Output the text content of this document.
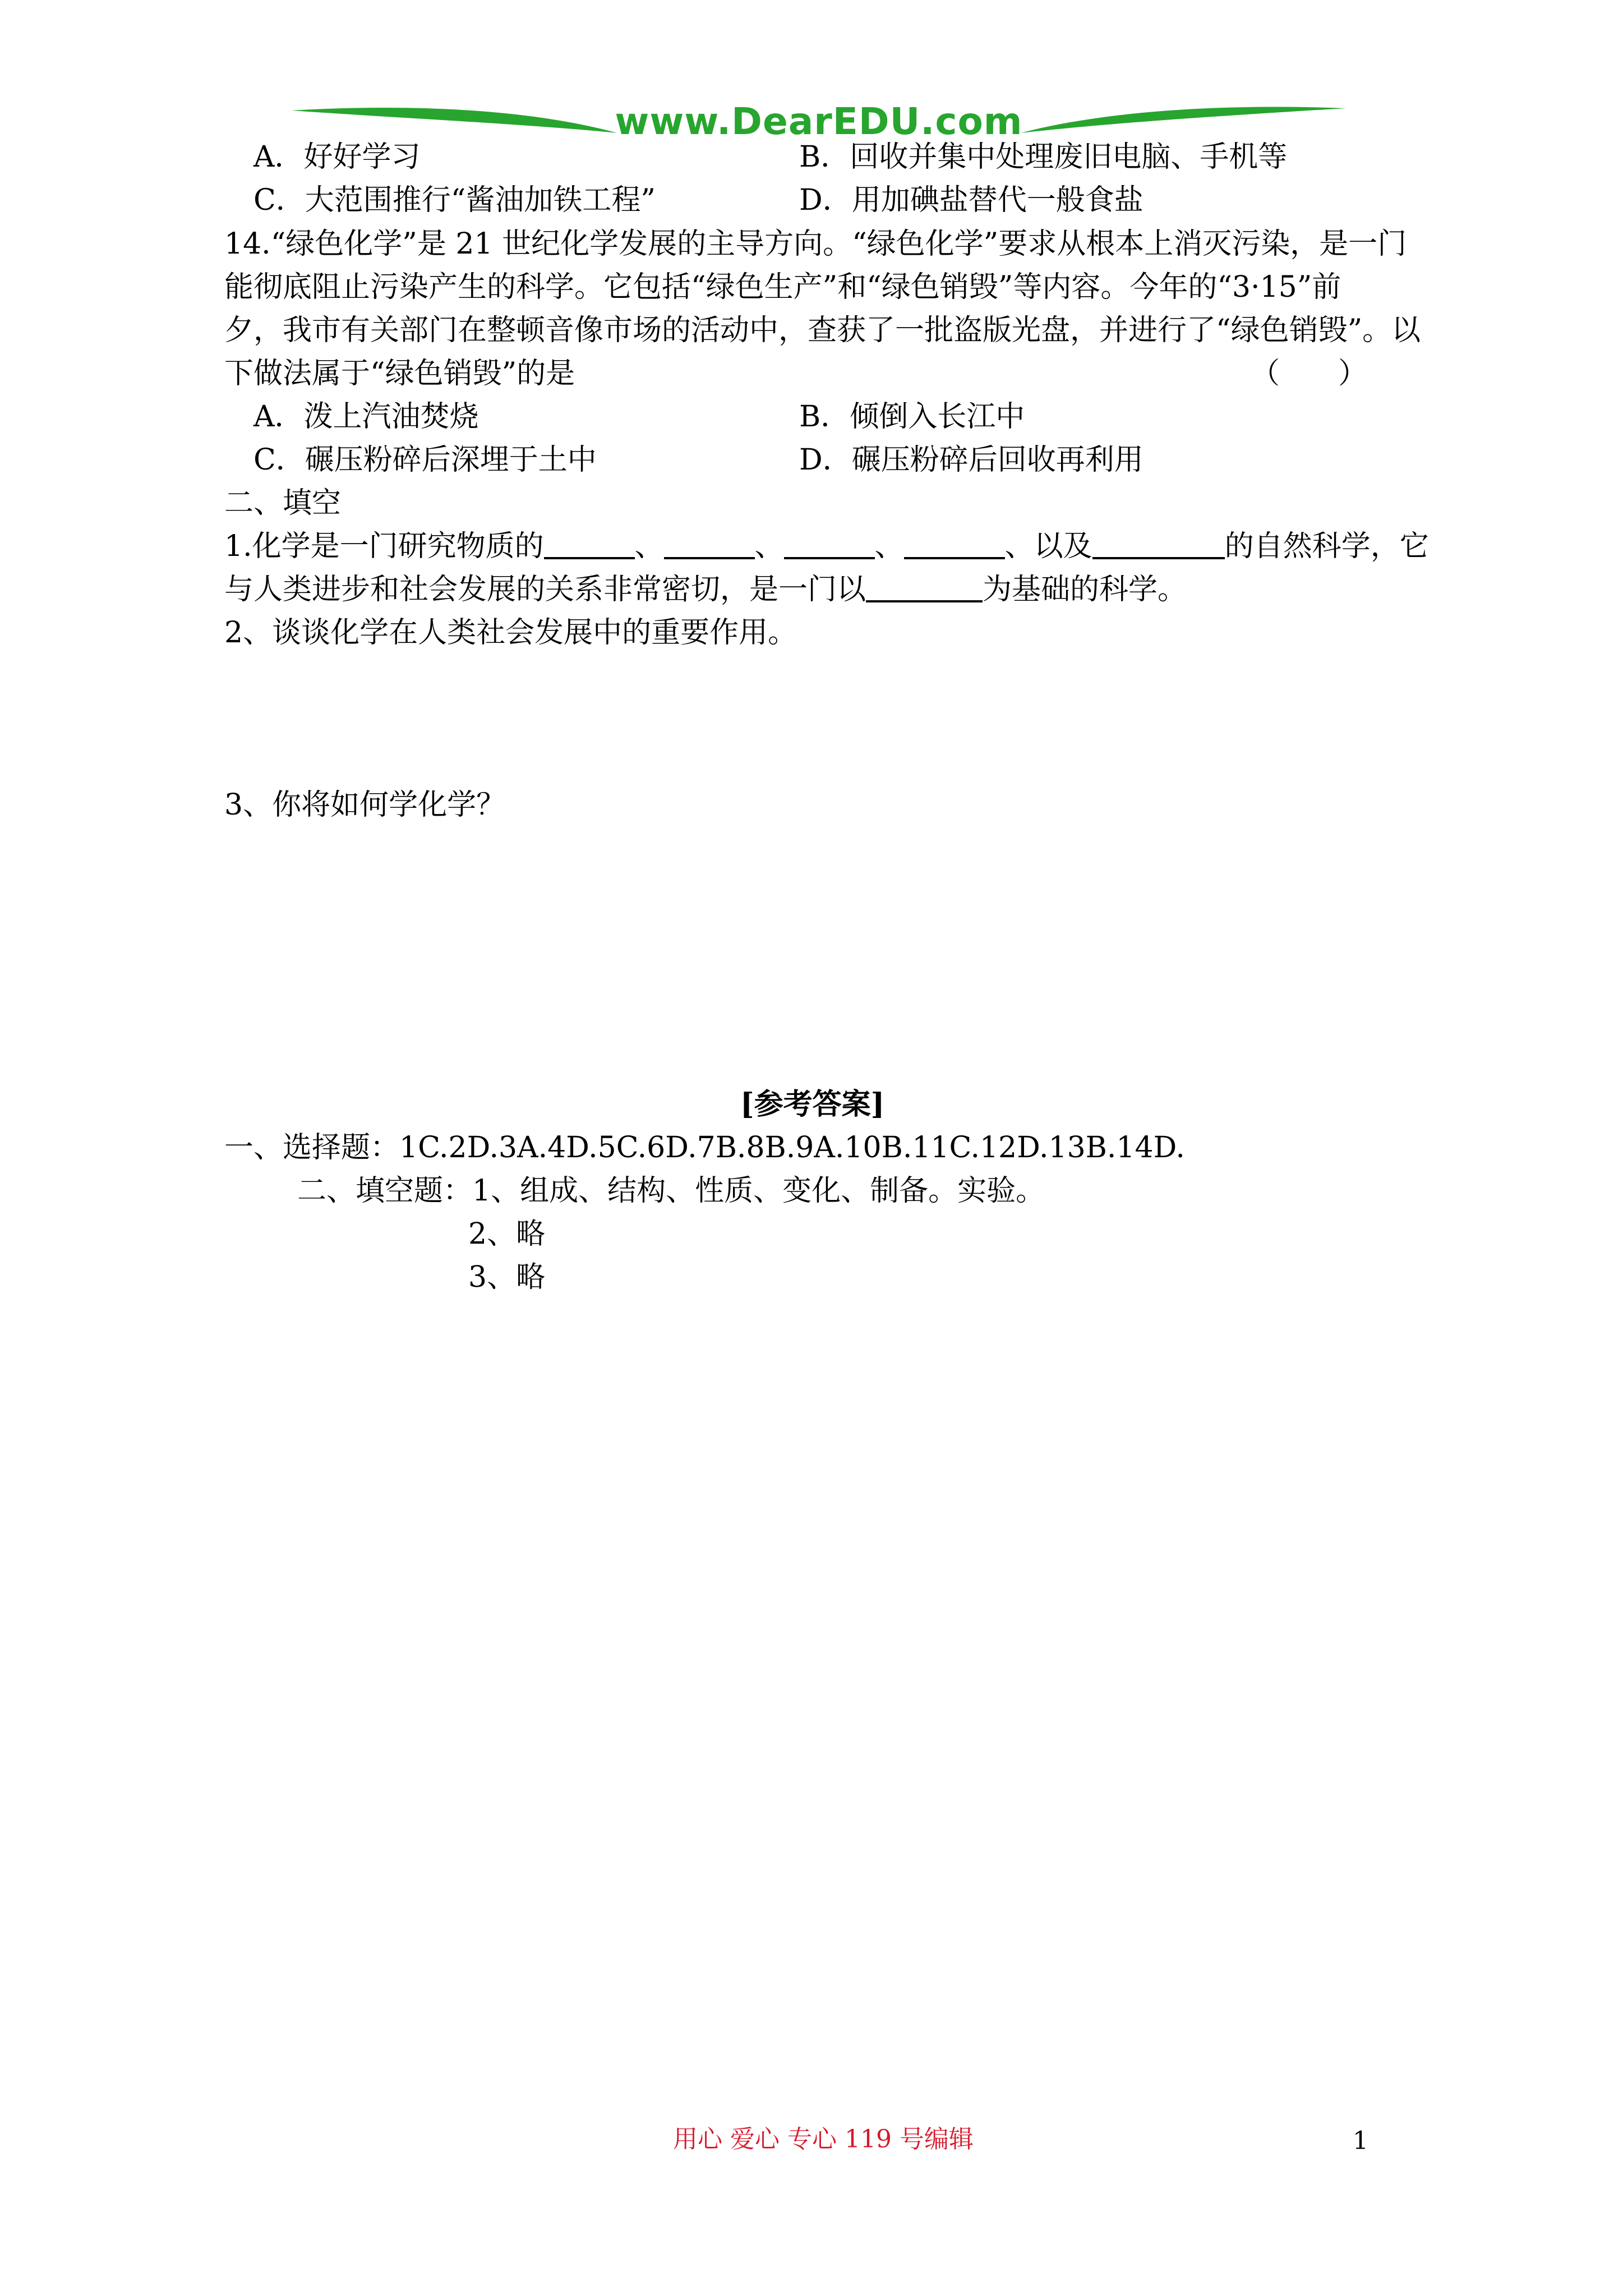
www.DearEDU.com
A．好好学习	B．回收并集中处理废旧电脑、手机等
C．大范围推行“酱油加铁工程”	D．用加碘盐替代一般食盐
14.“绿色化学”是 21 世纪化学发展的主导方向。“绿色化学”要求从根本上消灭污染，是一门
能彻底阻止污染产生的科学。它包括“绿色生产”和“绿色销毁”等内容。今年的“3·15”前
夕，我市有关部门在整顿音像市场的活动中，查获了一批盗版光盘，并进行了“绿色销毁”。以
下做法属于“绿色销毁”的是	（　　）
A．泼上汽油焚烧	B．倾倒入长江中
C．碾压粉碎后深埋于土中	D．碾压粉碎后回收再利用
二、填空
1.化学是一门研究物质的	、	、	、	、以及	的自然科学，它
与人类进步和社会发展的关系非常密切，是一门以	为基础的科学。
2、谈谈化学在人类社会发展中的重要作用。
3、你将如何学化学？
[参考答案]
一、选择题：1C.2D.3A.4D.5C.6D.7B.8B.9A.10B.11C.12D.13B.14D.
二、填空题：1、组成、结构、性质、变化、制备。实验。
2、略
3、略
用心 爱心 专心 119 号编辑	1
